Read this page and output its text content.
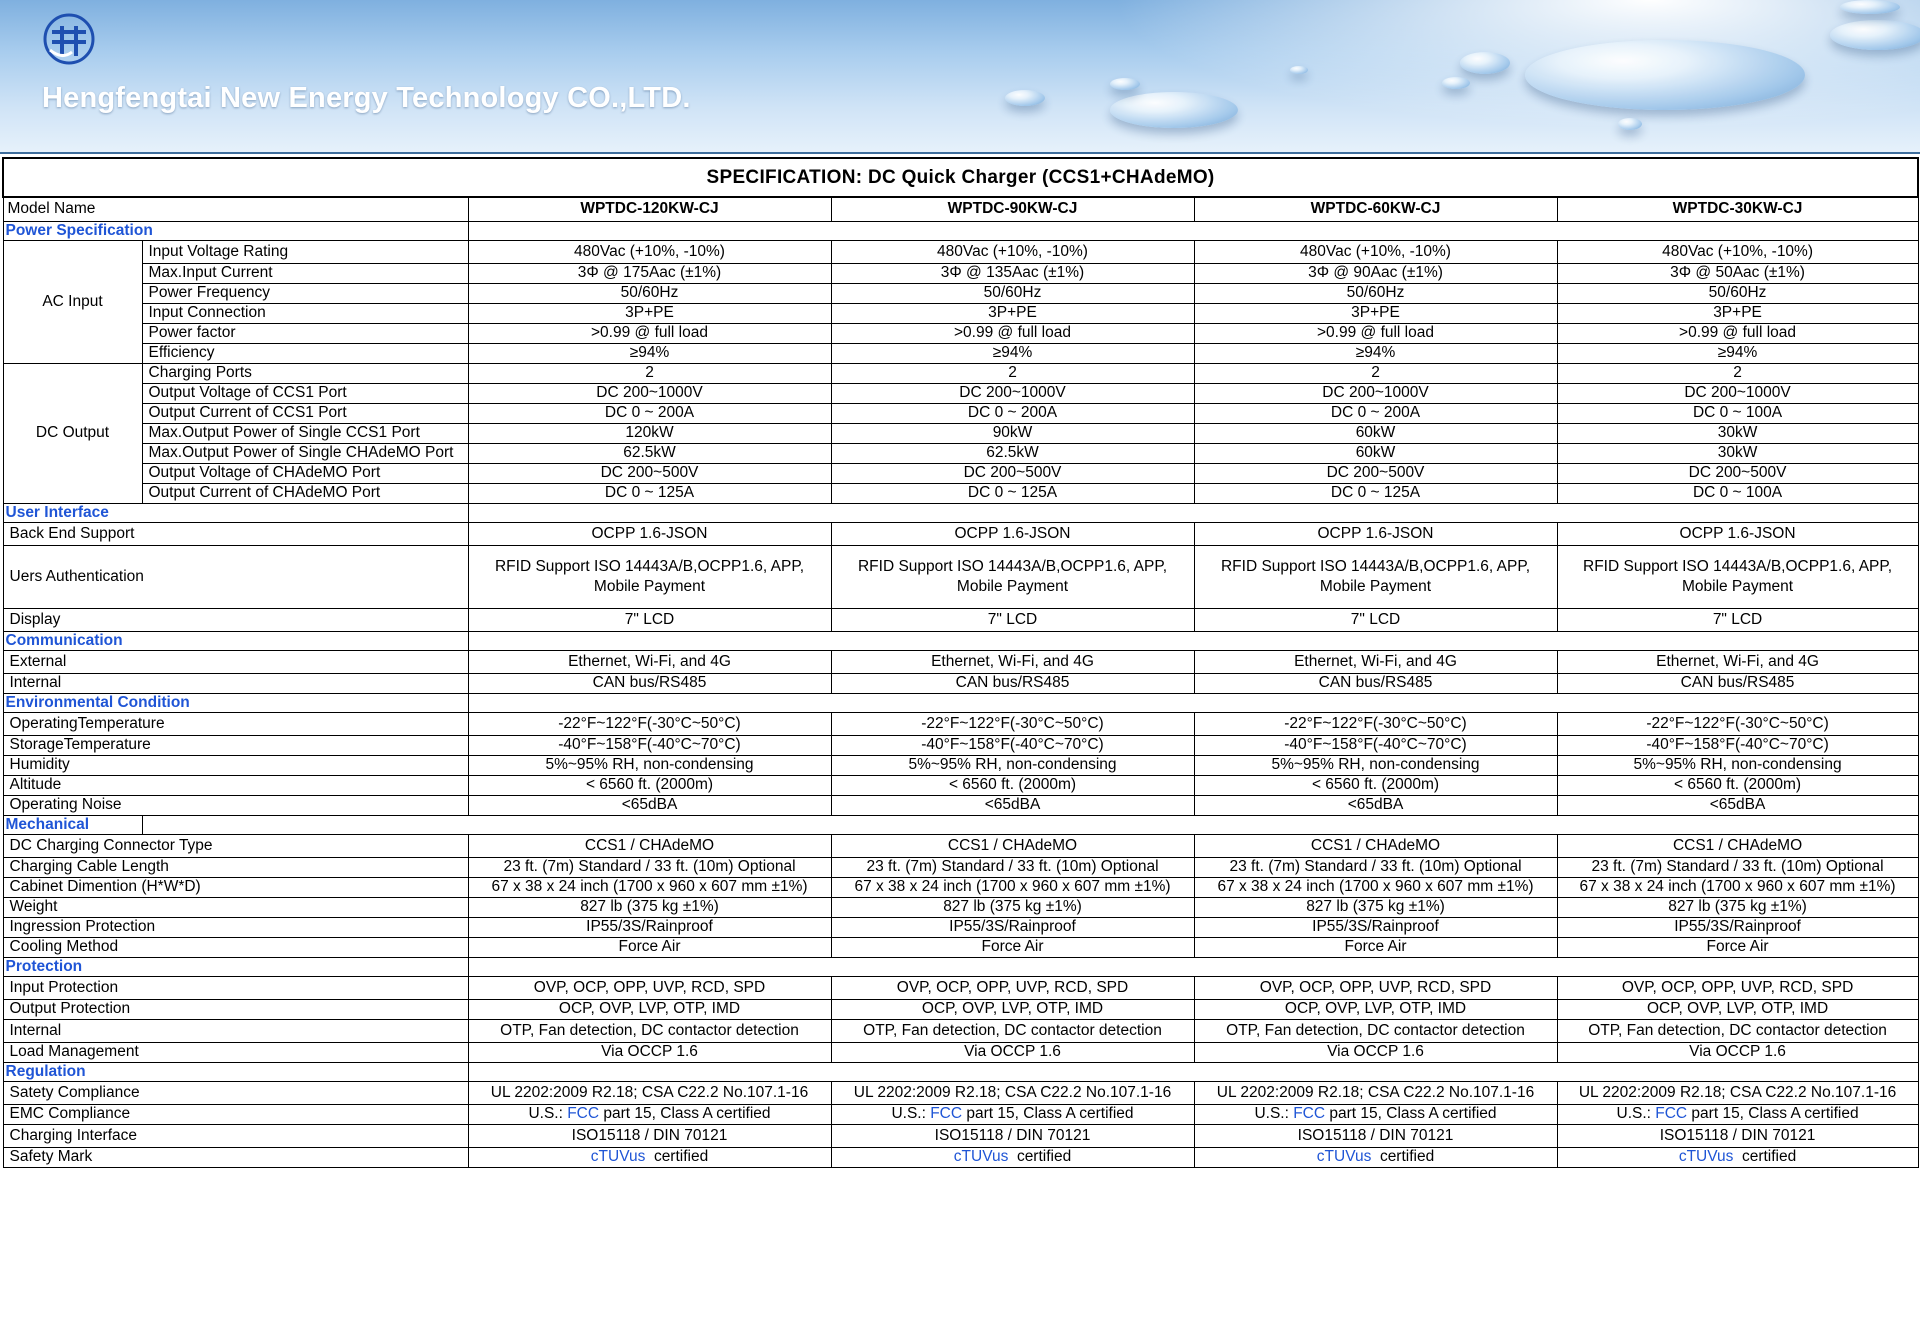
Hengfengtai New Energy Technology CO.,LTD.
SPECIFICATION: DC Quick Charger (CCS1+CHAdeMO)					
Model Name		WPTDC-120KW-CJ	WPTDC-90KW-CJ	WPTDC-60KW-CJ	WPTDC-30KW-CJ
Power Specification					
AC Input	Input Voltage Rating	480Vac (+10%, -10%)	480Vac (+10%, -10%)	480Vac (+10%, -10%)	480Vac (+10%, -10%)
	Max.Input Current	3Φ @ 175Aac (±1%)	3Φ @ 135Aac (±1%)	3Φ @ 90Aac (±1%)	3Φ @ 50Aac (±1%)
	Power Frequency	50/60Hz	50/60Hz	50/60Hz	50/60Hz
	Input Connection	3P+PE	3P+PE	3P+PE	3P+PE
	Power factor	>0.99 @ full load	>0.99 @ full load	>0.99 @ full load	>0.99 @ full load
	Efficiency	≥94%	≥94%	≥94%	≥94%
DC Output	Charging Ports	2	2	2	2
	Output Voltage of CCS1 Port	DC 200~1000V	DC 200~1000V	DC 200~1000V	DC 200~1000V
	Output Current of CCS1 Port	DC 0 ~ 200A	DC 0 ~ 200A	DC 0 ~ 200A	DC 0 ~ 100A
	Max.Output Power of Single CCS1 Port	120kW	90kW	60kW	30kW
	Max.Output Power of Single CHAdeMO Port	62.5kW	62.5kW	60kW	30kW
	Output Voltage of CHAdeMO Port	DC 200~500V	DC 200~500V	DC 200~500V	DC 200~500V
	Output Current of CHAdeMO Port	DC 0 ~ 125A	DC 0 ~ 125A	DC 0 ~ 125A	DC 0 ~ 100A
User Interface					
Back End Support		OCPP 1.6-JSON	OCPP 1.6-JSON	OCPP 1.6-JSON	OCPP 1.6-JSON
Uers Authentication		RFID Support ISO 14443A/B,OCPP1.6, APP, Mobile Payment	RFID Support ISO 14443A/B,OCPP1.6, APP, Mobile Payment	RFID Support ISO 14443A/B,OCPP1.6, APP, Mobile Payment	RFID Support ISO 14443A/B,OCPP1.6, APP, Mobile Payment
Display		7" LCD	7" LCD	7" LCD	7" LCD
Communication					
External		Ethernet, Wi-Fi, and 4G	Ethernet, Wi-Fi, and 4G	Ethernet, Wi-Fi, and 4G	Ethernet, Wi-Fi, and 4G
Internal		CAN bus/RS485	CAN bus/RS485	CAN bus/RS485	CAN bus/RS485
Environmental Condition					
OperatingTemperature		-22°F~122°F(-30°C~50°C)	-22°F~122°F(-30°C~50°C)	-22°F~122°F(-30°C~50°C)	-22°F~122°F(-30°C~50°C)
StorageTemperature		-40°F~158°F(-40°C~70°C)	-40°F~158°F(-40°C~70°C)	-40°F~158°F(-40°C~70°C)	-40°F~158°F(-40°C~70°C)
Humidity		5%~95% RH, non-condensing	5%~95% RH, non-condensing	5%~95% RH, non-condensing	5%~95% RH, non-condensing
Altitude		< 6560 ft. (2000m)	< 6560 ft. (2000m)	< 6560 ft. (2000m)	< 6560 ft. (2000m)
Operating Noise		<65dBA	<65dBA	<65dBA	<65dBA
Mechanical					
DC Charging Connector Type		CCS1 / CHAdeMO	CCS1 / CHAdeMO	CCS1 / CHAdeMO	CCS1 / CHAdeMO
Charging Cable Length		23 ft. (7m) Standard / 33 ft. (10m) Optional	23 ft. (7m) Standard / 33 ft. (10m) Optional	23 ft. (7m) Standard / 33 ft. (10m) Optional	23 ft. (7m) Standard / 33 ft. (10m) Optional
Cabinet Dimention (H*W*D)		67 x 38 x 24 inch (1700 x 960 x 607 mm ±1%)	67 x 38 x 24 inch (1700 x 960 x 607 mm ±1%)	67 x 38 x 24 inch (1700 x 960 x 607 mm ±1%)	67 x 38 x 24 inch (1700 x 960 x 607 mm ±1%)
Weight		827 lb (375 kg ±1%)	827 lb (375 kg ±1%)	827 lb (375 kg ±1%)	827 lb (375 kg ±1%)
Ingression Protection		IP55/3S/Rainproof	IP55/3S/Rainproof	IP55/3S/Rainproof	IP55/3S/Rainproof
Cooling Method		Force Air	Force Air	Force Air	Force Air
Protection					
Input Protection		OVP, OCP, OPP, UVP, RCD, SPD	OVP, OCP, OPP, UVP, RCD, SPD	OVP, OCP, OPP, UVP, RCD, SPD	OVP, OCP, OPP, UVP, RCD, SPD
Output Protection		OCP, OVP, LVP, OTP, IMD	OCP, OVP, LVP, OTP, IMD	OCP, OVP, LVP, OTP, IMD	OCP, OVP, LVP, OTP, IMD
Internal		OTP, Fan detection, DC contactor detection	OTP, Fan detection, DC contactor detection	OTP, Fan detection, DC contactor detection	OTP, Fan detection, DC contactor detection
Load Management		Via OCCP 1.6	Via OCCP 1.6	Via OCCP 1.6	Via OCCP 1.6
Regulation					
Satety Compliance		UL 2202:2009 R2.18; CSA C22.2 No.107.1-16	UL 2202:2009 R2.18; CSA C22.2 No.107.1-16	UL 2202:2009 R2.18; CSA C22.2 No.107.1-16	UL 2202:2009 R2.18; CSA C22.2 No.107.1-16
EMC Compliance		U.S.: FCC part 15, Class A certified	U.S.: FCC part 15, Class A certified	U.S.: FCC part 15, Class A certified	U.S.: FCC part 15, Class A certified
Charging Interface		ISO15118 / DIN 70121	ISO15118 / DIN 70121	ISO15118 / DIN 70121	ISO15118 / DIN 70121
Safety Mark		cTUVus  certified	cTUVus  certified	cTUVus  certified	cTUVus  certified
